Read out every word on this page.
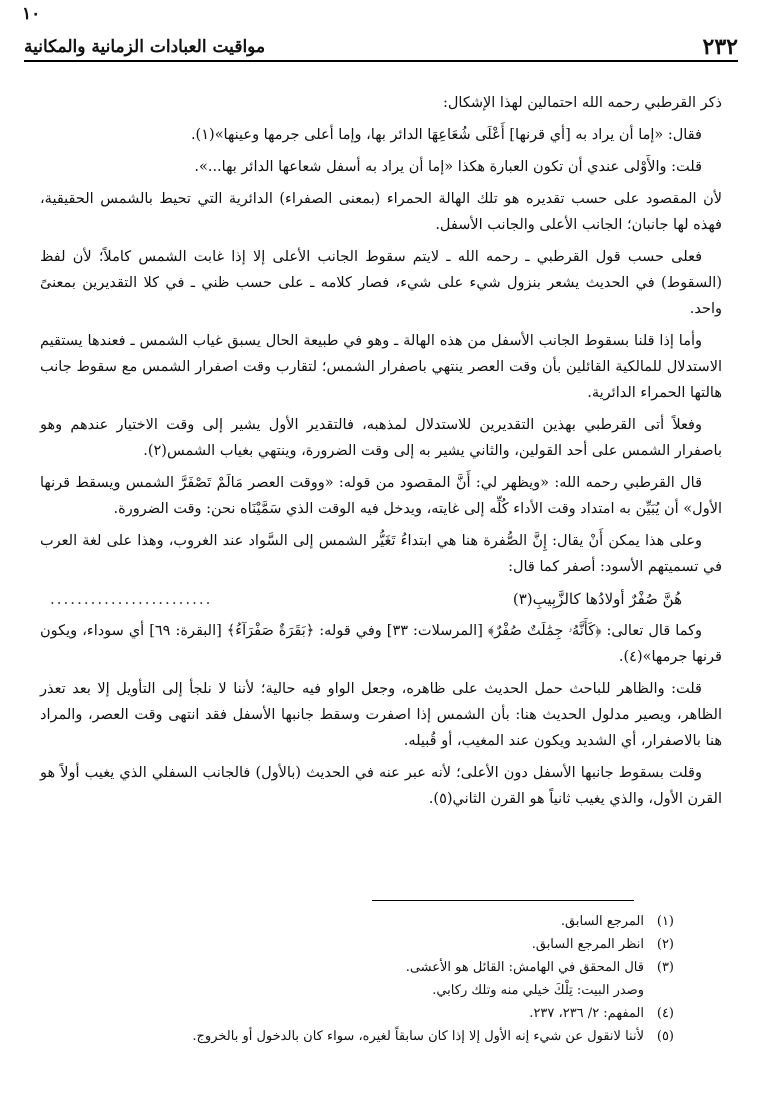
١٠
٢٣٢
مواقيت العبادات الزمانية والمكانية

ذكر القرطبي رحمه الله احتمالين لهذا الإشكال:

فقال: «إما أن يراد به [أي قرنها] أَعْلَى شُعَاعِهَا الدائر بها، وإما أعلى جرمها وعينها»(١).

قلت: والأَوْلى عندي أن تكون العبارة هكذا «إما أن يراد به أسفل شعاعها الدائر بها...».

لأن المقصود على حسب تقديره هو تلك الهالة الحمراء (بمعنى الصفراء) الدائرية التي تحيط بالشمس الحقيقية، فهذه لها جانبان؛ الجانب الأعلى والجانب الأسفل.

فعلى حسب قول القرطبي ـ رحمه الله ـ لايتم سقوط الجانب الأعلى إلا إذا غابت الشمس كاملاً؛ لأن لفظ (السقوط) في الحديث يشعر بنزول شيء على شيء، فصار كلامه ـ على حسب ظني ـ في كلا التقديرين بمعنىً واحد.

وأما إذا قلنا بسقوط الجانب الأسفل من هذه الهالة ـ وهو في طبيعة الحال يسبق غياب الشمس ـ فعندها يستقيم الاستدلال للمالكية القائلين بأن وقت العصر ينتهي باصفرار الشمس؛ لتقارب وقت اصفرار الشمس مع سقوط جانب هالتها الحمراء الدائرية.

وفعلاً أتى القرطبي بهذين التقديرين للاستدلال لمذهبه، فالتقدير الأول يشير إلى وقت الاختيار عندهم وهو باصفرار الشمس على أحد القولين، والثاني يشير به إلى وقت الضرورة، وينتهي بغياب الشمس(٢).

قال القرطبي رحمه الله: «ويظهر لي: أَنَّ المقصود من قوله: «ووقت العصر مَالَمْ تَصْفَرَّ الشمس ويسقط قرنها الأول» أن يُبَيِّن به امتداد وقت الأداء كُلِّه إلى غايته، ويدخل فيه الوقت الذي سَمَّيْنَاه نحن: وقت الضرورة.

وعلى هذا يمكن أَنْ يقال: إِنَّ الصُّفرة هنا هي ابتداءُ تَغَيُّر الشمس إلى السَّواد عند الغروب، وهذا على لغة العرب في تسميتهم الأسود: أصفر كما قال:

هُنَّ صُفْرٌ أولادُها كالزَّبِيبِ(٣)
........................

وكما قال تعالى: ﴿كَأَنَّهُۥ جِمَٰلَتٌ صُفْرٌ﴾ [المرسلات: ٣٣] وفي قوله: ﴿بَقَرَةٌ صَفْرَآءُ﴾ [البقرة: ٦٩] أي سوداء، ويكون قرنها جرمها»(٤).

قلت: والظاهر للباحث حمل الحديث على ظاهره، وجعل الواو فيه حالية؛ لأننا لا نلجأ إلى التأويل إلا بعد تعذر الظاهر، ويصير مدلول الحديث هنا: بأن الشمس إذا اصفرت وسقط جانبها الأسفل فقد انتهى وقت العصر، والمراد هنا بالاصفرار، أي الشديد ويكون عند المغيب، أو قُبيله.

وقلت بسقوط جانبها الأسفل دون الأعلى؛ لأنه عبر عنه في الحديث (بالأول) فالجانب السفلي الذي يغيب أولاً هو القرن الأول، والذي يغيب ثانياً هو القرن الثاني(٥).

(١)
المرجع السابق.
(٢)
انظر المرجع السابق.
(٣)
قال المحقق في الهامش: القائل هو الأعشى.
وصدر البيت: تِلْكَ خيلي منه وتلك ركابي.
(٤)
المفهم: ٢/ ٢٣٦، ٢٣٧.
(٥)
لأننا لانقول عن شيء إنه الأول إلا إذا كان سابقاً لغيره، سواء كان بالدخول أو بالخروج.
